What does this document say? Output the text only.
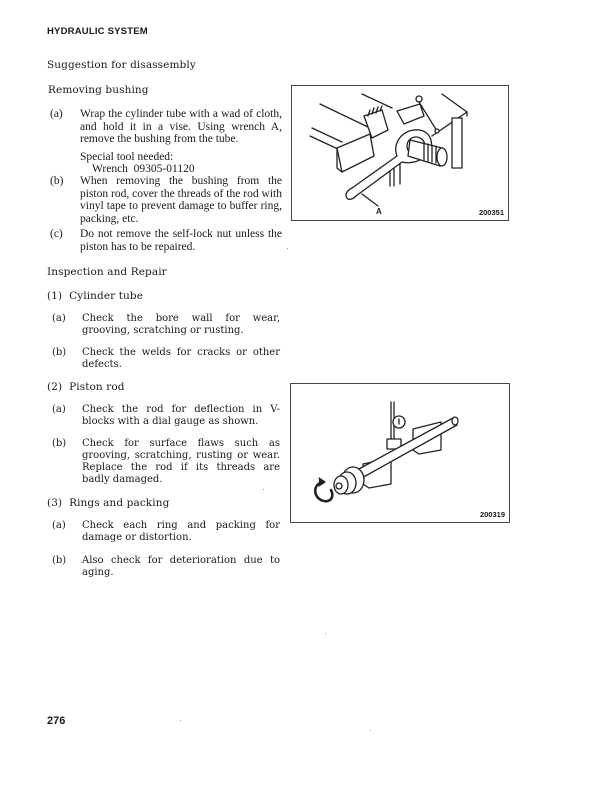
HYDRAULIC SYSTEM
Suggestion for disassembly
Removing bushing
(a) Wrap the cylinder tube with a wad of cloth, and hold it in a vise. Using wrench A, remove the bushing from the tube.
Special tool needed:
Wrench  09305-01120
(b) When removing the bushing from the piston rod, cover the threads of the rod with vinyl tape to prevent damage to buffer ring, packing, etc.
(c) Do not remove the self-lock nut unless the piston has to be repaired.
Inspection and Repair
(1) Cylinder tube
(a) Check the bore wall for wear, grooving, scratching or rusting.
(b) Check the welds for cracks or other defects.
(2) Piston rod
(a) Check the rod for deflection in V-blocks with a dial gauge as shown.
(b) Check for surface flaws such as grooving, scratching, rusting or wear. Replace the rod if its threads are badly damaged.
(3) Rings and packing
(a) Check each ring and packing for damage or distortion.
(b) Also check for deterioration due to aging.
A	200351
200319
276
